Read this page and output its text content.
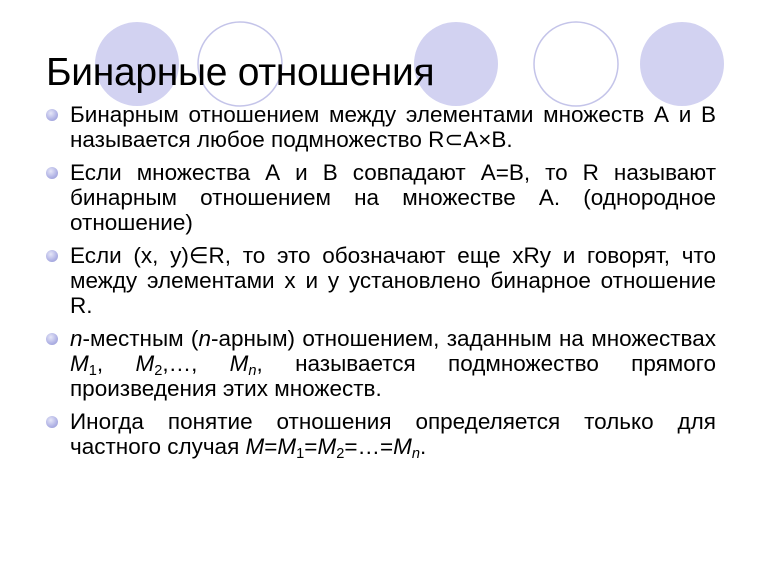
Бинарные отношения
Бинарным отношением между элементами множеств А и В называется любое подмножество R⊂A×B.
Если множества А и В совпадают А=В, то R называют бинарным отношением на множестве А. (однородное отношение)
Если (x, y)∈R, то это обозначают еще xRy и говорят, что между элементами x и y установлено бинарное отношение R.
n-местным (n-арным) отношением, заданным на множествах $M_1$, $M_2,\dots$, $M_n$, называется подмножество прямого произведения этих множеств.
Иногда понятие отношения определяется только для частного случая $M=M_1=M_2=\dots=M_n$.
